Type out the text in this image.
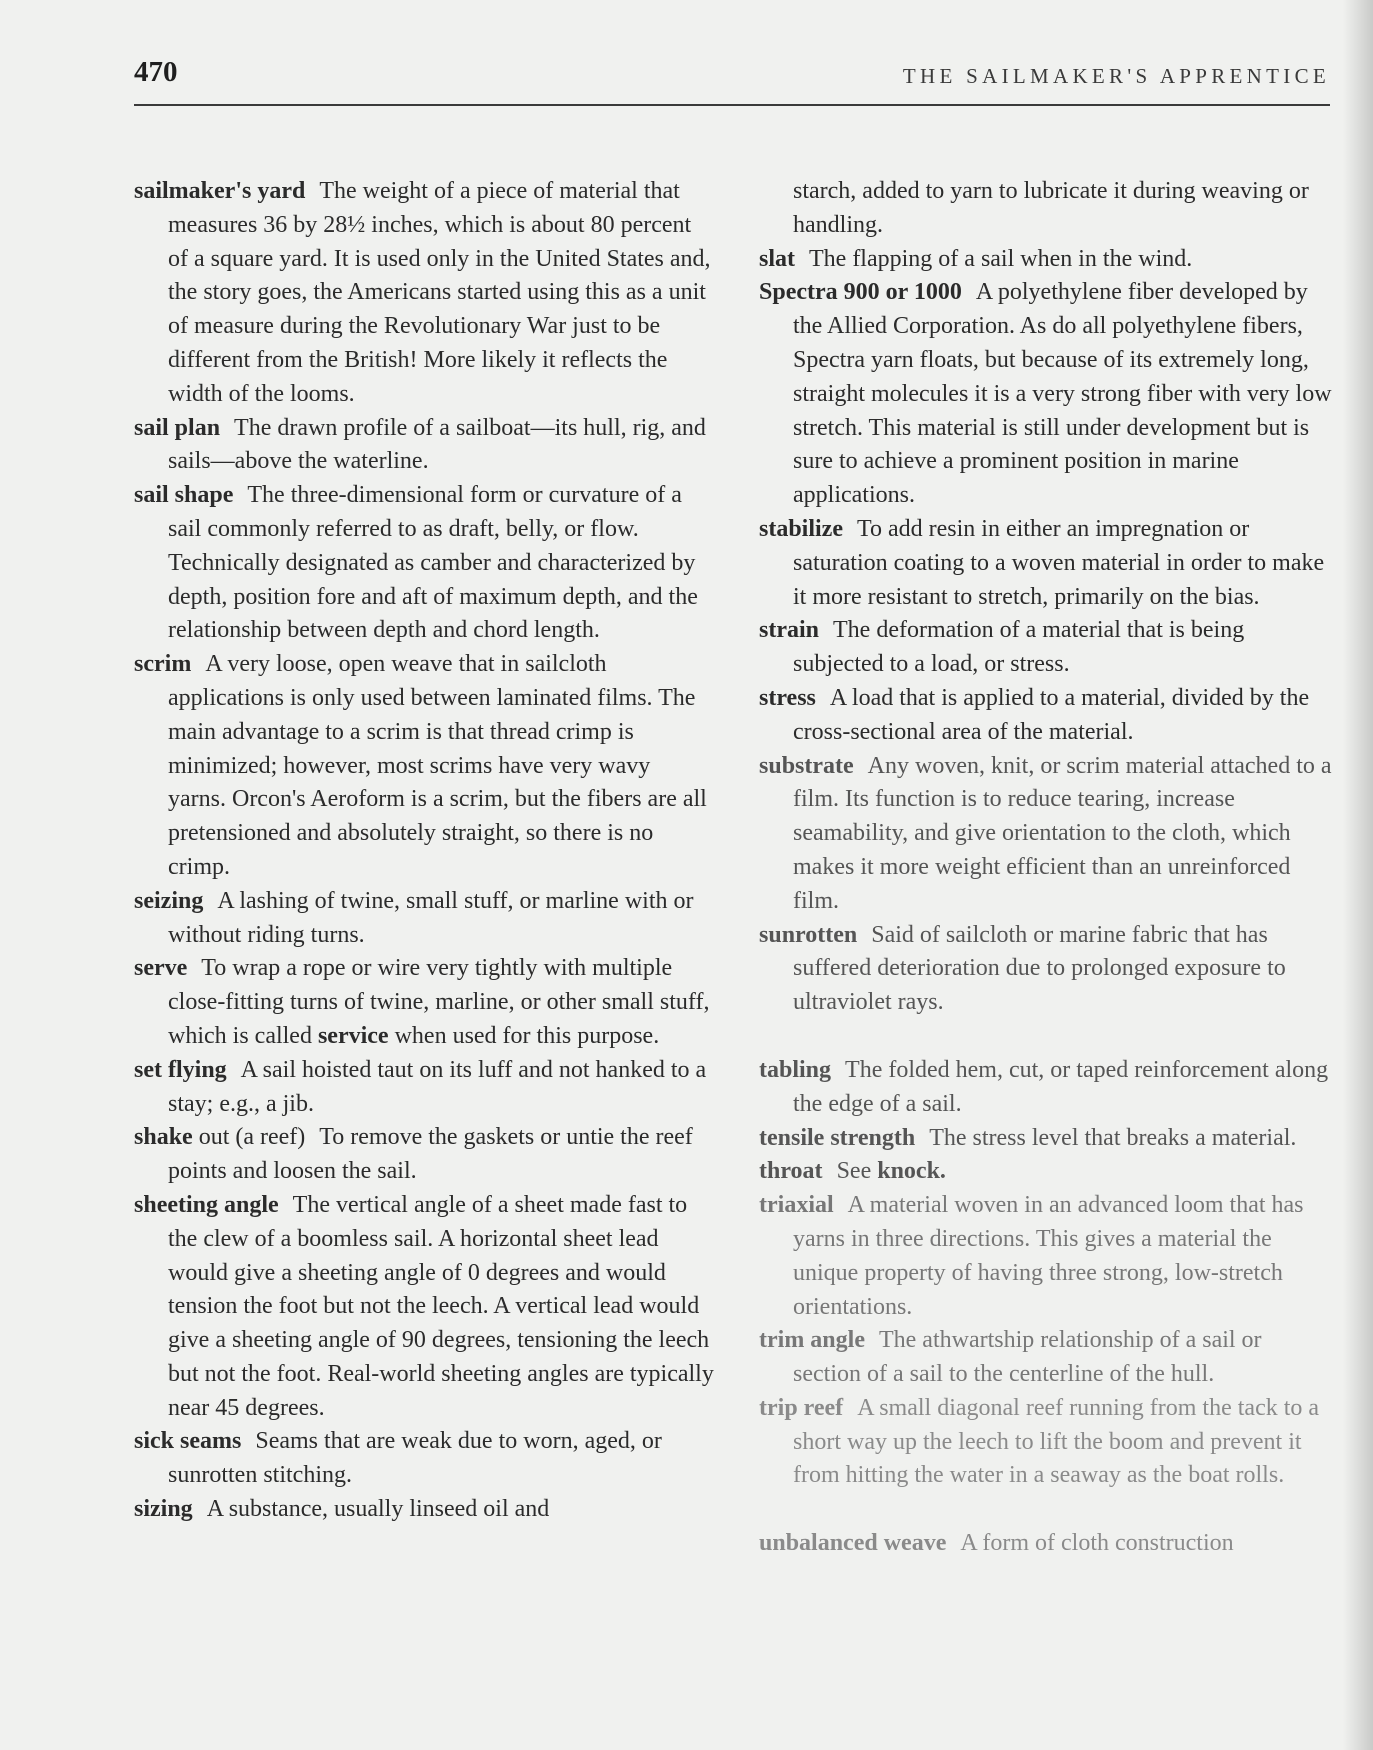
470	THE SAILMAKER'S APPRENTICE

sailmaker's yard The weight of a piece of material that measures 36 by 28½ inches, which is about 80 percent of a square yard. It is used only in the United States and, the story goes, the Americans started using this as a unit of measure during the Revolutionary War just to be different from the British! More likely it reflects the width of the looms.

sail plan The drawn profile of a sailboat—its hull, rig, and sails—above the waterline.

sail shape The three-dimensional form or curvature of a sail commonly referred to as draft, belly, or flow. Technically designated as camber and characterized by depth, position fore and aft of maximum depth, and the relationship between depth and chord length.

scrim A very loose, open weave that in sailcloth applications is only used between laminated films. The main advantage to a scrim is that thread crimp is minimized; however, most scrims have very wavy yarns. Orcon's Aeroform is a scrim, but the fibers are all pretensioned and absolutely straight, so there is no crimp.

seizing A lashing of twine, small stuff, or marline with or without riding turns.

serve To wrap a rope or wire very tightly with multiple close-fitting turns of twine, marline, or other small stuff, which is called service when used for this purpose.

set flying A sail hoisted taut on its luff and not hanked to a stay; e.g., a jib.

shake out (a reef) To remove the gaskets or untie the reef points and loosen the sail.

sheeting angle The vertical angle of a sheet made fast to the clew of a boomless sail. A horizontal sheet lead would give a sheeting angle of 0 degrees and would tension the foot but not the leech. A vertical lead would give a sheeting angle of 90 degrees, tensioning the leech but not the foot. Real-world sheeting angles are typically near 45 degrees.

sick seams Seams that are weak due to worn, aged, or sunrotten stitching.

sizing A substance, usually linseed oil and

starch, added to yarn to lubricate it during weaving or handling.

slat The flapping of a sail when in the wind.

Spectra 900 or 1000 A polyethylene fiber developed by the Allied Corporation. As do all polyethylene fibers, Spectra yarn floats, but because of its extremely long, straight molecules it is a very strong fiber with very low stretch. This material is still under development but is sure to achieve a prominent position in marine applications.

stabilize To add resin in either an impregnation or saturation coating to a woven material in order to make it more resistant to stretch, primarily on the bias.

strain The deformation of a material that is being subjected to a load, or stress.

stress A load that is applied to a material, divided by the cross-sectional area of the material.

substrate Any woven, knit, or scrim material attached to a film. Its function is to reduce tearing, increase seamability, and give orientation to the cloth, which makes it more weight efficient than an unreinforced film.

sunrotten Said of sailcloth or marine fabric that has suffered deterioration due to prolonged exposure to ultraviolet rays.

tabling The folded hem, cut, or taped reinforcement along the edge of a sail.

tensile strength The stress level that breaks a material.

throat See knock.

triaxial A material woven in an advanced loom that has yarns in three directions. This gives a material the unique property of having three strong, low-stretch orientations.

trim angle The athwartship relationship of a sail or section of a sail to the centerline of the hull.

trip reef A small diagonal reef running from the tack to a short way up the leech to lift the boom and prevent it from hitting the water in a seaway as the boat rolls.

unbalanced weave A form of cloth construction
